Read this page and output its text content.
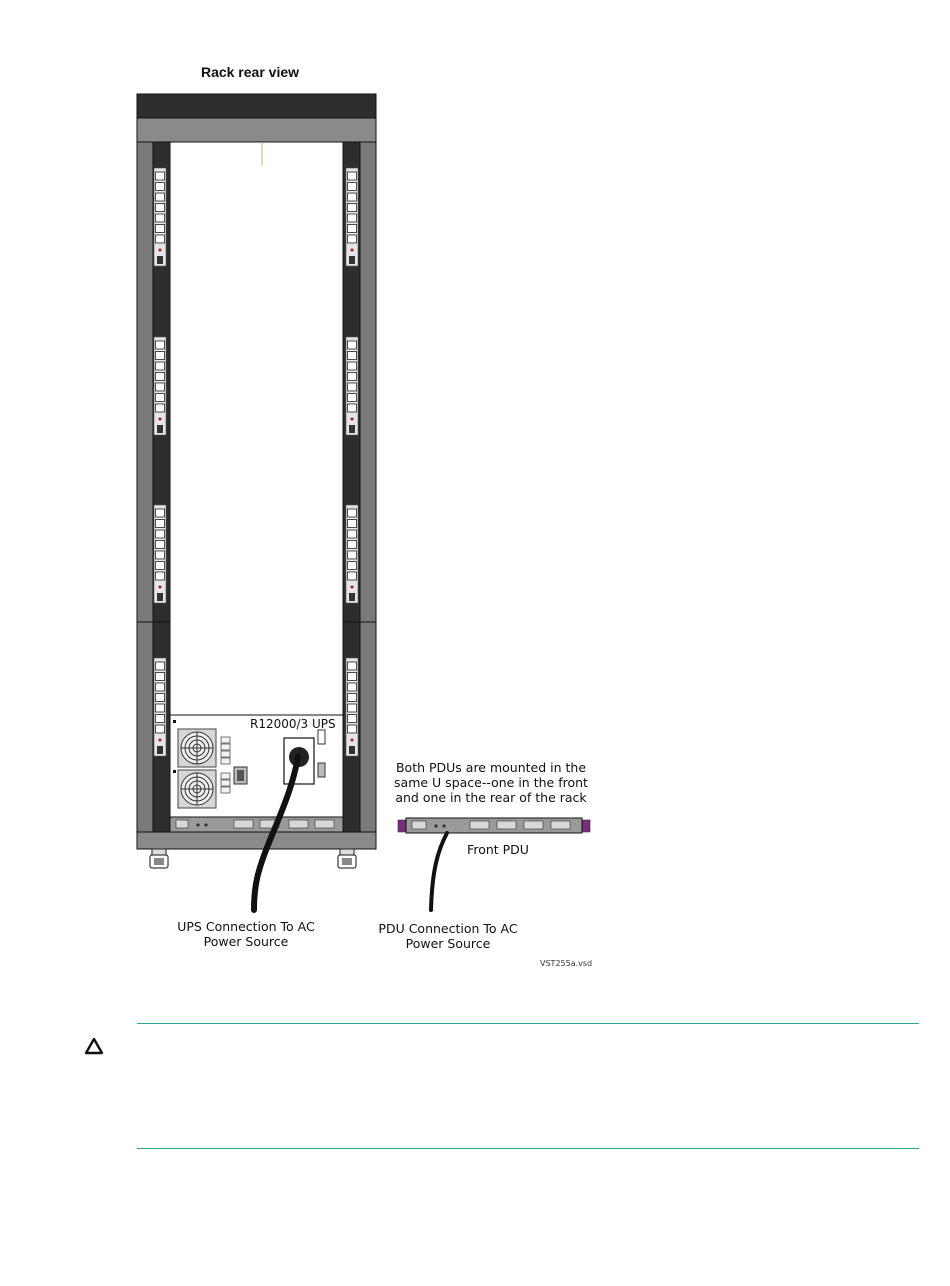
Rack rear view
R12000/3 UPS
Both PDUs are mounted in the
same U space--one in the front
and one in the rear of the rack
Front PDU
UPS Connection To AC
Power Source
PDU Connection To AC
Power Source
VST255a.vsd
